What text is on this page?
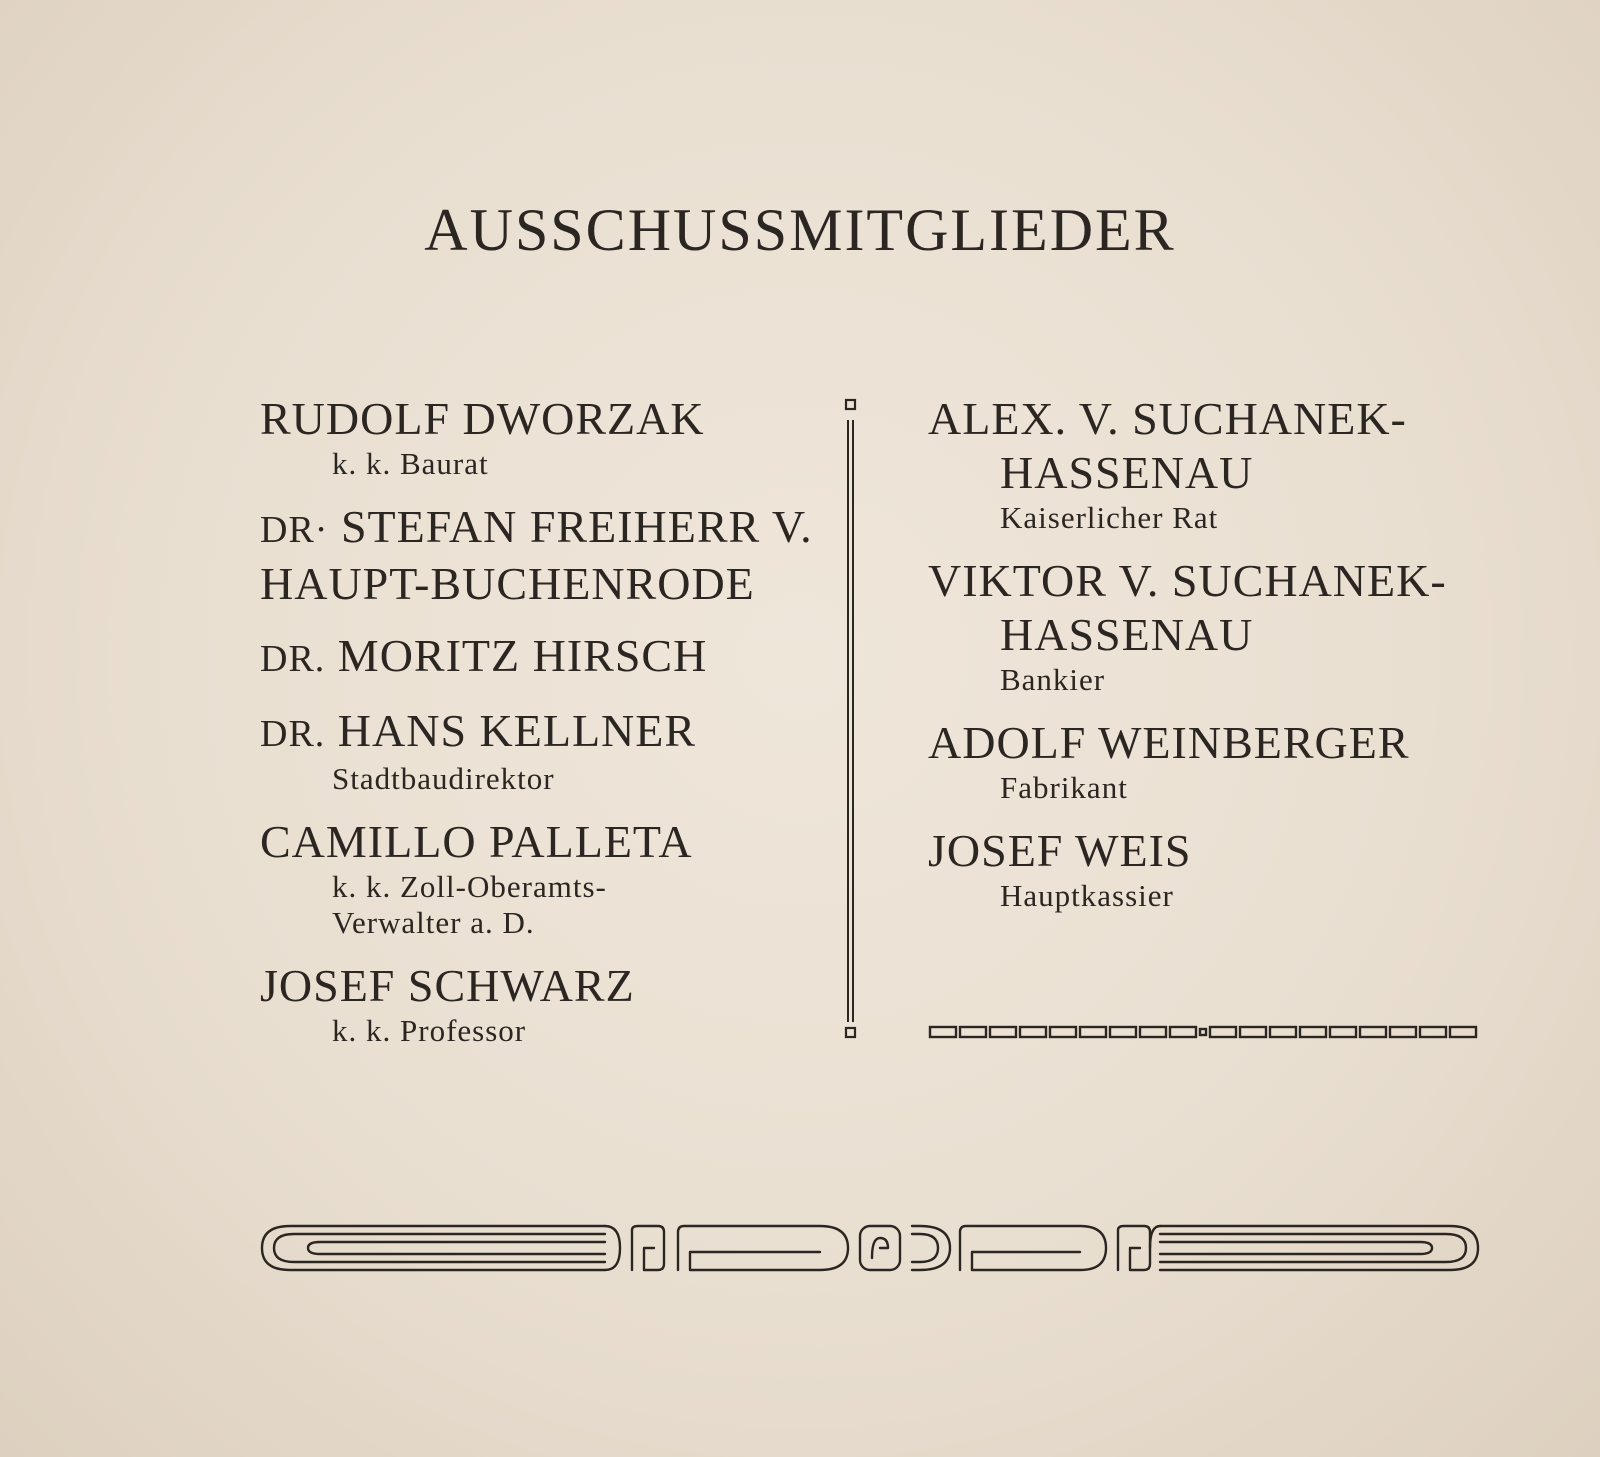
AUSSCHUSSMITGLIEDER
RUDOLF DWORZAK
k. k. Baurat
DR· STEFAN FREIHERR V.
HAUPT-BUCHENRODE
DR. MORITZ HIRSCH
DR. HANS KELLNER
Stadtbaudirektor
CAMILLO PALLETA
k. k. Zoll-Oberamts-
Verwalter a. D.
JOSEF SCHWARZ
k. k. Professor
ALEX. V. SUCHANEK-
HASSENAU
Kaiserlicher Rat
VIKTOR V. SUCHANEK-
HASSENAU
Bankier
ADOLF WEINBERGER
Fabrikant
JOSEF WEIS
Hauptkassier
